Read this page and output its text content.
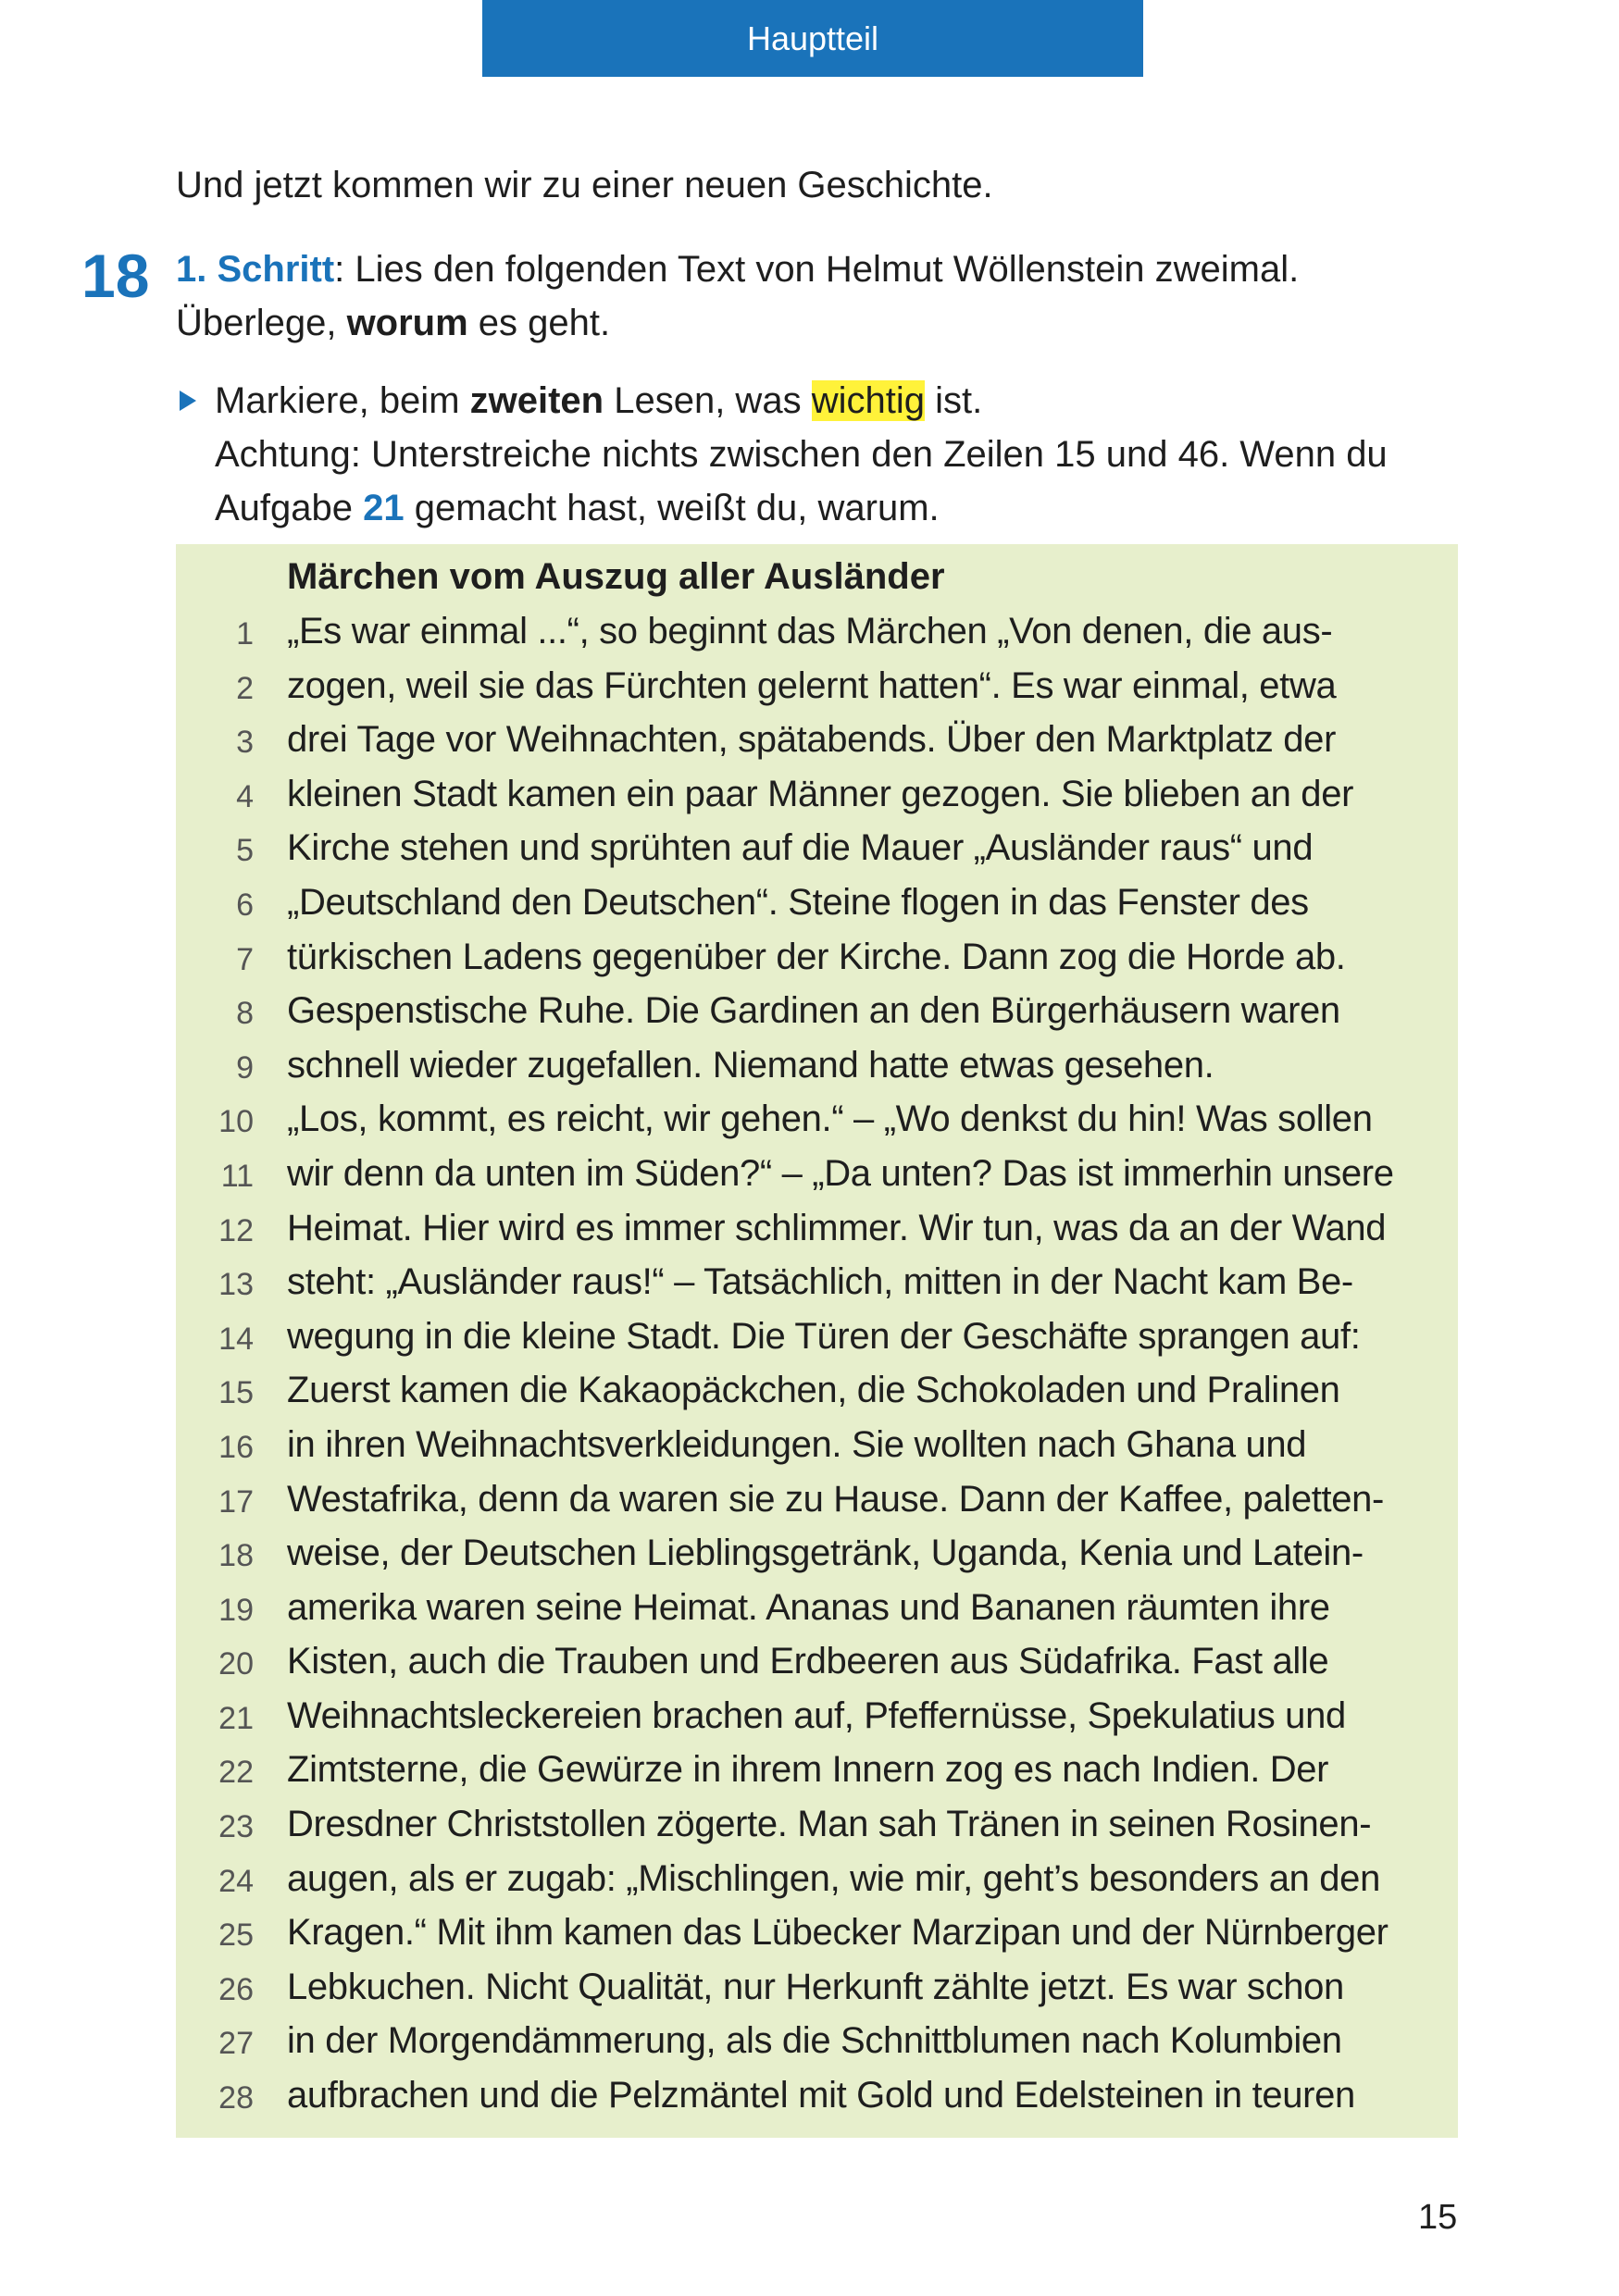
Hauptteil
Und jetzt kommen wir zu einer neuen Geschichte.
18 1. Schritt: Lies den folgenden Text von Helmut Wöllenstein zweimal.
Überlege, worum es geht.
Markiere, beim zweiten Lesen, was wichtig ist.
Achtung: Unterstreiche nichts zwischen den Zeilen 15 und 46. Wenn du
Aufgabe 21 gemacht hast, weißt du, warum.
Märchen vom Auszug aller Ausländer
1 „Es war einmal ...“, so beginnt das Märchen „Von denen, die aus-
2 zogen, weil sie das Fürchten gelernt hatten“. Es war einmal, etwa
3 drei Tage vor Weihnachten, spätabends. Über den Marktplatz der
4 kleinen Stadt kamen ein paar Männer gezogen. Sie blieben an der
5 Kirche stehen und sprühten auf die Mauer „Ausländer raus“ und
6 „Deutschland den Deutschen“. Steine flogen in das Fenster des
7 türkischen Ladens gegenüber der Kirche. Dann zog die Horde ab.
8 Gespenstische Ruhe. Die Gardinen an den Bürgerhäusern waren
9 schnell wieder zugefallen. Niemand hatte etwas gesehen.
10 „Los, kommt, es reicht, wir gehen.“ – „Wo denkst du hin! Was sollen
11 wir denn da unten im Süden?“ – „Da unten? Das ist immerhin unsere
12 Heimat. Hier wird es immer schlimmer. Wir tun, was da an der Wand
13 steht: „Ausländer raus!“ – Tatsächlich, mitten in der Nacht kam Be-
14 wegung in die kleine Stadt. Die Türen der Geschäfte sprangen auf:
15 Zuerst kamen die Kakaopäckchen, die Schokoladen und Pralinen
16 in ihren Weihnachtsverkleidungen. Sie wollten nach Ghana und
17 Westafrika, denn da waren sie zu Hause. Dann der Kaffee, paletten-
18 weise, der Deutschen Lieblingsgetränk, Uganda, Kenia und Latein-
19 amerika waren seine Heimat. Ananas und Bananen räumten ihre
20 Kisten, auch die Trauben und Erdbeeren aus Südafrika. Fast alle
21 Weihnachtsleckereien brachen auf, Pfeffernüsse, Spekulatius und
22 Zimtsterne, die Gewürze in ihrem Innern zog es nach Indien. Der
23 Dresdner Christstollen zögerte. Man sah Tränen in seinen Rosinen-
24 augen, als er zugab: „Mischlingen, wie mir, geht’s besonders an den
25 Kragen.“ Mit ihm kamen das Lübecker Marzipan und der Nürnberger
26 Lebkuchen. Nicht Qualität, nur Herkunft zählte jetzt. Es war schon
27 in der Morgendämmerung, als die Schnittblumen nach Kolumbien
28 aufbrachen und die Pelzmäntel mit Gold und Edelsteinen in teuren
15
